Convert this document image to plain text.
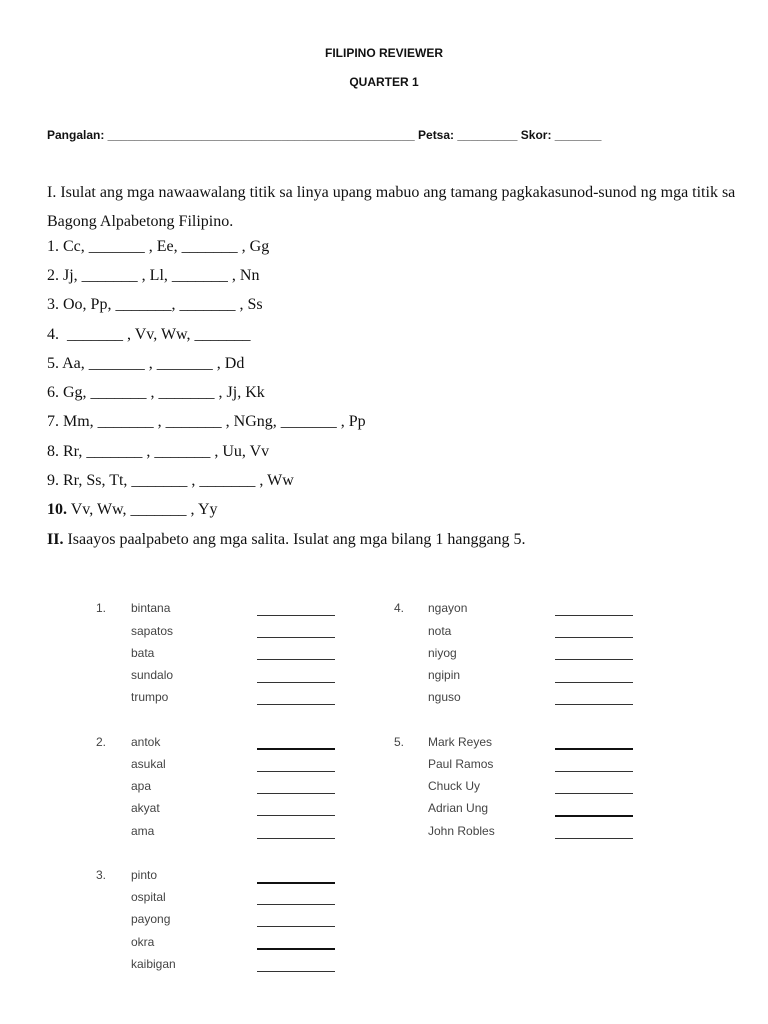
FILIPINO REVIEWER
QUARTER 1
Pangalan: ______________________________________________ Petsa: _________ Skor: _______
I. Isulat ang mga nawaawalang titik sa linya upang mabuo ang tamang pagkakasunod-sunod ng mga titik sa Bagong Alpabetong Filipino.
1. Cc, _______ , Ee, _______ , Gg
2. Jj, _______ , Ll, _______ , Nn
3. Oo, Pp, _______, _______ , Ss
4.  _______ , Vv, Ww, _______
5. Aa, _______ , _______ , Dd
6. Gg, _______ , _______ , Jj, Kk
7. Mm, _______ , _______ , NGng, _______ , Pp
8. Rr, _______ , _______ , Uu, Vv
9. Rr, Ss, Tt, _______ , _______ , Ww
10. Vv, Ww, _______ , Yy
II. Isaayos paalpabeto ang mga salita. Isulat ang mga bilang 1 hanggang 5.
1. bintana
sapatos
bata
sundalo
trumpo
2. antok
asukal
apa
akyat
ama
3. pinto
ospital
payong
okra
kaibigan
4. ngayon
nota
niyog
ngipin
nguso
5. Mark Reyes
Paul Ramos
Chuck Uy
Adrian Ung
John Robles
